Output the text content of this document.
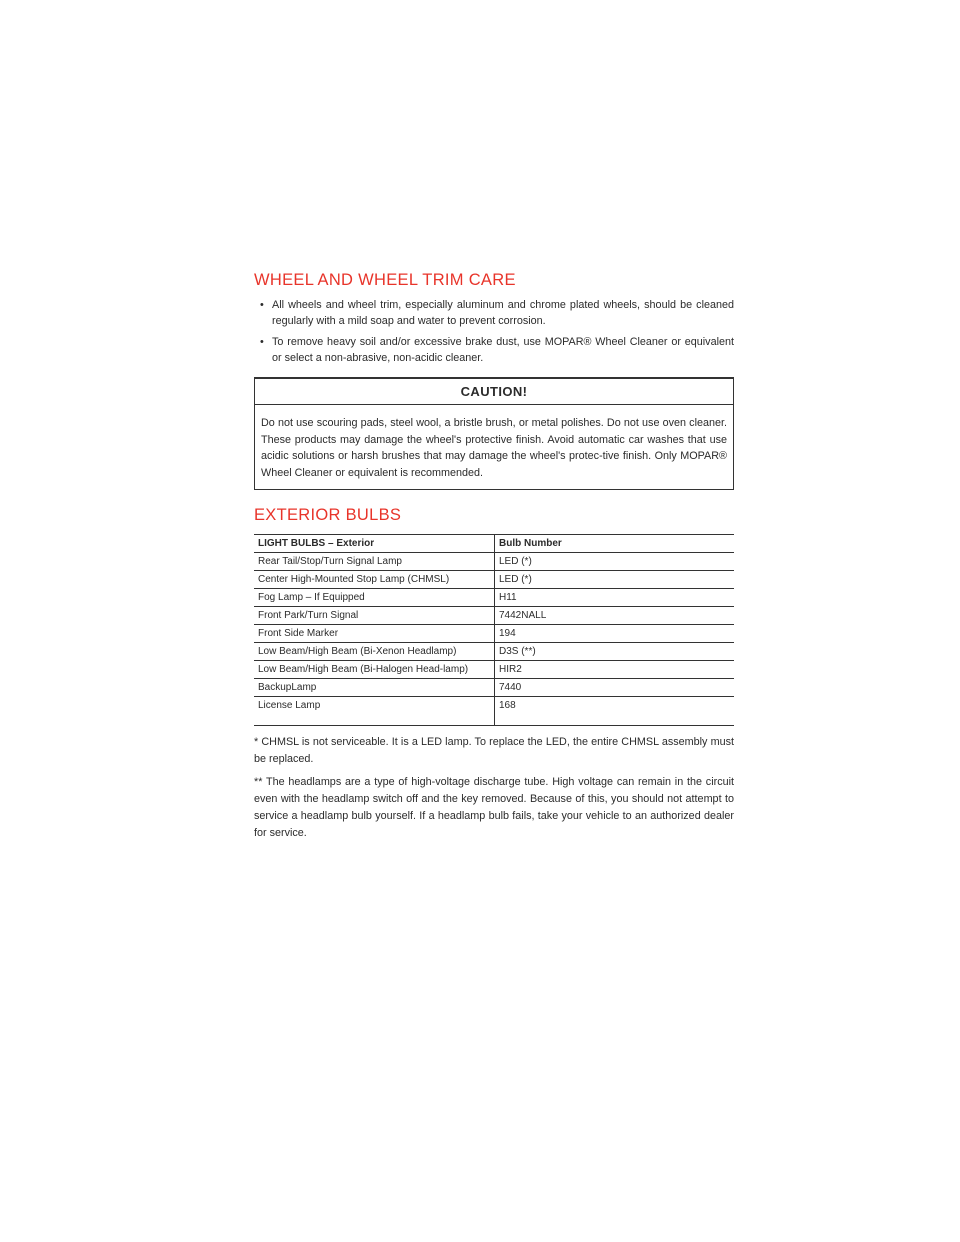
WHEEL AND WHEEL TRIM CARE
• All wheels and wheel trim, especially aluminum and chrome plated wheels, should be cleaned regularly with a mild soap and water to prevent corrosion.
• To remove heavy soil and/or excessive brake dust, use MOPAR® Wheel Cleaner or equivalent or select a non-abrasive, non-acidic cleaner.
CAUTION!
Do not use scouring pads, steel wool, a bristle brush, or metal polishes. Do not use oven cleaner. These products may damage the wheel's protective finish. Avoid automatic car washes that use acidic solutions or harsh brushes that may damage the wheel's protec-tive finish. Only MOPAR® Wheel Cleaner or equivalent is recommended.
EXTERIOR BULBS
LIGHT BULBS – Exterior	Bulb Number
Rear Tail/Stop/Turn Signal Lamp	LED (*)
Center High-Mounted Stop Lamp (CHMSL)	LED (*)
Fog Lamp – If Equipped	H11
Front Park/Turn Signal	7442NALL
Front Side Marker	194
Low Beam/High Beam (Bi-Xenon Headlamp)	D3S (**)
Low Beam/High Beam (Bi-Halogen Head-lamp)	HIR2
BackupLamp	7440
License Lamp	168

* CHMSL is not serviceable. It is a LED lamp. To replace the LED, the entire CHMSL assembly must be replaced.

** The headlamps are a type of high-voltage discharge tube. High voltage can remain in the circuit even with the headlamp switch off and the key removed. Because of this, you should not attempt to service a headlamp bulb yourself. If a headlamp bulb fails, take your vehicle to an authorized dealer for service.
